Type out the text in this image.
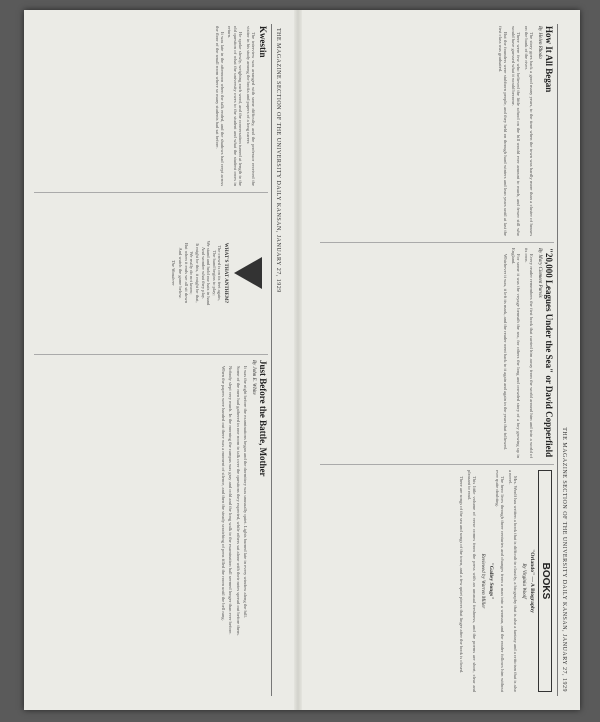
THE MAGAZINE SECTION OF THE UNIVERSITY DAILY KANSAN, JANUARY 27, 1929

Kwestin

The interview was arranged with some difficulty, and the professor received the visitor in his study among the books and papers of a long career.

He spoke slowly, weighing each word, and the conversation turned at length to the old question of what the university owes to the student and what the student owes in return.

It was late in the afternoon when the talk ended, and the shadows had crept across the floor of the small room where so many students had sat before.

WHAT'S THAT ANTHEM?
The crowd is on its feet again,
The band begins to play;
We stand and hold our hats in hand
And wonder what they play.
It might be this, it might be that,
We really do not know;
But when it ends we all sit down
And watch the game below.
The Wanderer

Just Before the Battle, Mother

By John E. White

It was the night before the examinations began and the dormitory was unusually quiet. Lights burned late in every window along the hill.

Some of the men had gathered in one room to talk over the questions they expected, while others sat alone with their notes spread out before them.

Nobody slept very much. In the morning the campus was gray and cold and the long walk to the examination hall seemed longer than ever before.

When the papers were handed out there was a moment of silence, and then the steady scratching of pens filled the room until the bell rang.	THE MAGAZINE SECTION OF THE UNIVERSITY DAILY KANSAN, JANUARY 27, 1929

How It All Began

By Helen Rhoda

The story goes back a good many years, to the time when the town was hardly more than a cluster of houses on the bank of the river.

There were few who believed the little school on the hill would ever amount to much, and fewer still who would have guessed what it would become.

But the founders were stubborn people, and they held on through hard winters and lean years until at last the first class was graduated.

"20,000 Leagues Under the Sea" or David Copperfield

By Mary Clement Purvis

Every reader remembers the first book that carried him away from the world around him and into a world of its own.

For some it was the voyage beneath the sea, for others the long and crowded story of a boy growing up in England.

Whichever it was, it left its mark, and the reader went back to it again and again in the years that followed.

BOOKS

"Orlando" — A Biography

By Virginia Woolf

Mrs. Woolf has written a book that is difficult to classify, a biography that is also a fantasy and a criticism that is also a novel.

The hero lives through three centuries and changes from a man into a woman, and the reader follows him without ever quite doubting.

"Galley Songs"

Reviewed by Warren Miller

This little volume of verse comes from the press with an unusual freshness, and the poems are short, clear and pleasant to read.

There are songs of the sea and songs of the town, and a few quiet pieces that linger after the book is closed.
